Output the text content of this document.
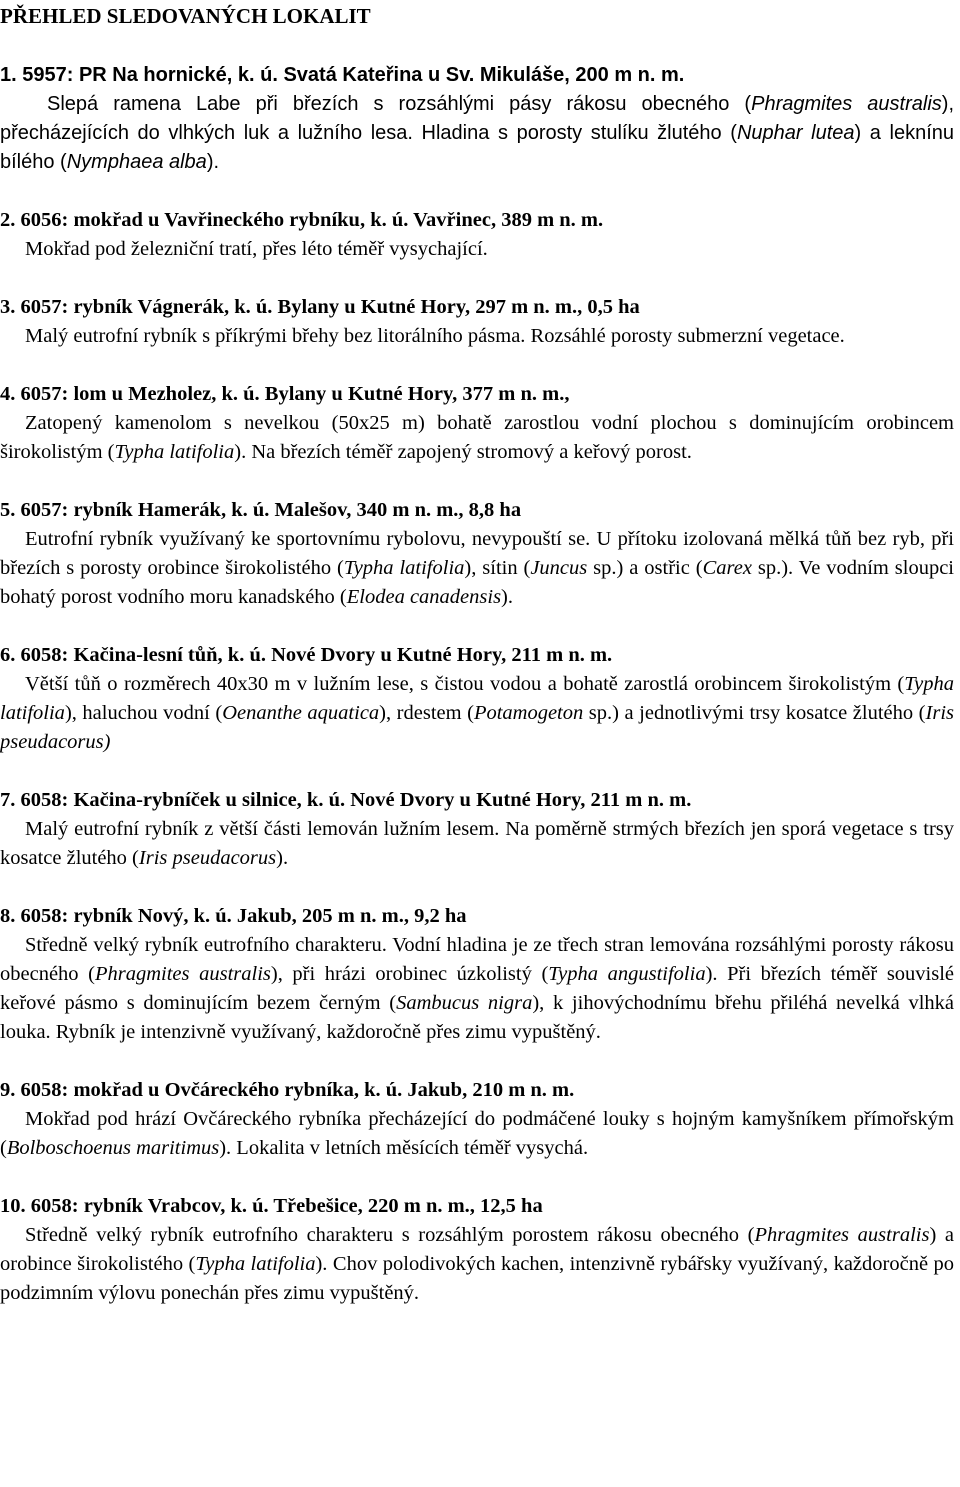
PŘEHLED SLEDOVANÝCH LOKALIT

1. 5957: PR Na hornické, k. ú. Svatá Kateřina u Sv. Mikuláše, 200 m n. m.

Slepá ramena Labe při březích s rozsáhlými pásy rákosu obecného (Phragmites australis), přecházejících do vlhkých luk a lužního lesa. Hladina s porosty stulíku žlutého (Nuphar lutea) a leknínu bílého (Nymphaea alba).

2. 6056: mokřad u Vavřineckého rybníku, k. ú. Vavřinec, 389 m n. m.

Mokřad pod železniční tratí, přes léto téměř vysychající.

3. 6057: rybník Vágnerák, k. ú. Bylany u Kutné Hory, 297 m n. m., 0,5 ha

Malý eutrofní rybník s příkrými břehy bez litorálního pásma. Rozsáhlé porosty submerzní vegetace.

4. 6057: lom u Mezholez, k. ú. Bylany u Kutné Hory, 377 m n. m.,

Zatopený kamenolom s nevelkou (50x25 m) bohatě zarostlou vodní plochou s dominujícím orobincem širokolistým (Typha latifolia). Na březích téměř zapojený stromový a keřový porost.

5. 6057: rybník Hamerák, k. ú. Malešov, 340 m n. m., 8,8 ha

Eutrofní rybník využívaný ke sportovnímu rybolovu, nevypouští se. U přítoku izolovaná mělká tůň bez ryb, při březích s porosty orobince širokolistého (Typha latifolia), sítin (Juncus sp.) a ostřic (Carex sp.). Ve vodním sloupci bohatý porost vodního moru kanadského (Elodea canadensis).

6. 6058: Kačina-lesní tůň, k. ú. Nové Dvory u Kutné Hory, 211 m n. m.

Větší tůň o rozměrech 40x30 m v lužním lese, s čistou vodou a bohatě zarostlá orobincem širokolistým (Typha latifolia), haluchou vodní (Oenanthe aquatica), rdestem (Potamogeton sp.) a jednotlivými trsy kosatce žlutého (Iris pseudacorus)

7. 6058: Kačina-rybníček u silnice, k. ú. Nové Dvory u Kutné Hory, 211 m n. m.

Malý eutrofní rybník z větší části lemován lužním lesem. Na poměrně strmých březích jen sporá vegetace s trsy kosatce žlutého (Iris pseudacorus).

8. 6058: rybník Nový, k. ú. Jakub, 205 m n. m., 9,2 ha

Středně velký rybník eutrofního charakteru. Vodní hladina je ze třech stran lemována rozsáhlými porosty rákosu obecného (Phragmites australis), při hrázi orobinec úzkolistý (Typha angustifolia). Při březích téměř souvislé keřové pásmo s dominujícím bezem černým (Sambucus nigra), k jihovýchodnímu břehu přiléhá nevelká vlhká louka. Rybník je intenzivně využívaný, každoročně přes zimu vypuštěný.

9. 6058: mokřad u Ovčáreckého rybníka, k. ú. Jakub, 210 m n. m.

Mokřad pod hrází Ovčáreckého rybníka přecházející do podmáčené louky s hojným kamyšníkem přímořským (Bolboschoenus maritimus). Lokalita v letních měsících téměř vysychá.

10. 6058: rybník Vrabcov, k. ú. Třebešice, 220 m n. m., 12,5 ha

Středně velký rybník eutrofního charakteru s rozsáhlým porostem rákosu obecného (Phragmites australis) a orobince širokolistého (Typha latifolia). Chov polodivokých kachen, intenzivně rybářsky využívaný, každoročně po podzimním výlovu ponechán přes zimu vypuštěný.
